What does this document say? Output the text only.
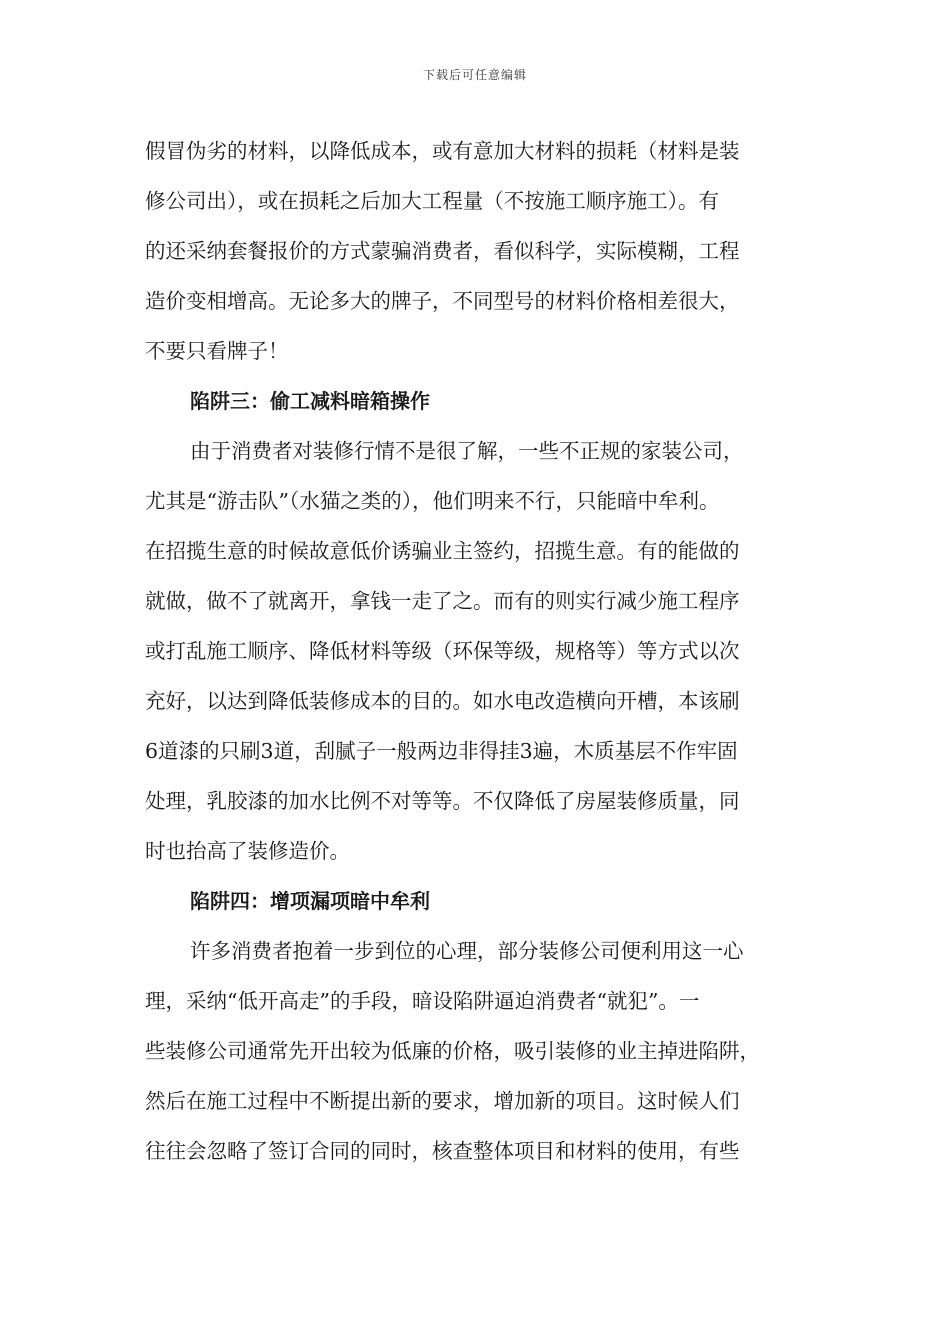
下载后可任意编辑
假冒伪劣的材料，以降低成本，或有意加大材料的损耗（材料是装
修公司出），或在损耗之后加大工程量（不按施工顺序施工）。有
的还采纳套餐报价的方式蒙骗消费者，看似科学，实际模糊，工程
造价变相增高。无论多大的牌子，不同型号的材料价格相差很大，
不要只看牌子！
陷阱三：偷工减料暗箱操作
由于消费者对装修行情不是很了解，一些不正规的家装公司，
尤其是“游击队”（水猫之类的），他们明来不行，只能暗中牟利。
在招揽生意的时候故意低价诱骗业主签约，招揽生意。有的能做的
就做，做不了就离开，拿钱一走了之。而有的则实行减少施工程序
或打乱施工顺序、降低材料等级（环保等级，规格等）等方式以次
充好，以达到降低装修成本的目的。如水电改造横向开槽，本该刷
6道漆的只刷3道，刮腻子一般两边非得挂3遍，木质基层不作牢固
处理，乳胶漆的加水比例不对等等。不仅降低了房屋装修质量，同
时也抬高了装修造价。
陷阱四：增项漏项暗中牟利
许多消费者抱着一步到位的心理，部分装修公司便利用这一心
理，采纳“低开高走”的手段，暗设陷阱逼迫消费者“就犯”。一
些装修公司通常先开出较为低廉的价格，吸引装修的业主掉进陷阱，
然后在施工过程中不断提出新的要求，增加新的项目。这时候人们
往往会忽略了签订合同的同时，核查整体项目和材料的使用，有些
